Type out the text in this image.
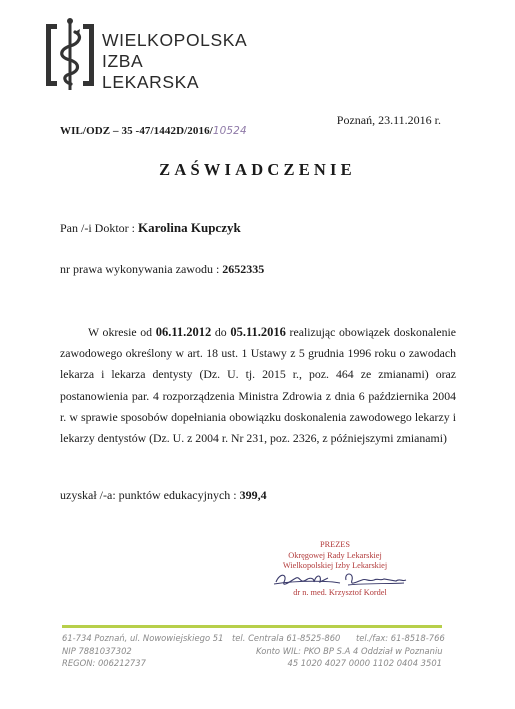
WIELKOPOLSKA
IZBA
LEKARSKA
Poznań, 23.11.2016 r.
WIL/ODZ – 35 -47/1442D/2016/10524
ZAŚWIADCZENIE
Pan /-i Doktor : Karolina Kupczyk
nr prawa wykonywania zawodu : 2652335
W okresie od 06.11.2012 do 05.11.2016 realizując obowiązek doskonalenie zawodowego określony w art. 18 ust. 1 Ustawy z 5 grudnia 1996 roku o zawodach lekarza i lekarza dentysty (Dz. U. tj. 2015 r., poz. 464 ze zmianami) oraz postanowienia par. 4 rozporządzenia Ministra Zdrowia z dnia 6 października 2004 r. w sprawie sposobów dopełniania obowiązku doskonalenia zawodowego lekarzy i lekarzy dentystów (Dz. U. z 2004 r. Nr 231, poz. 2326, z późniejszymi zmianami)
uzyskał /-a: punktów edukacyjnych : 399,4
PREZES
Okręgowej Rady Lekarskiej
Wielkopolskiej Izby Lekarskiej
dr n. med. Krzysztof Kordel
61-734 Poznań, ul. Nowowiejskiego 51
NIP 7881037302
REGON: 006212737
tel. Centrala 61-8525-860 tel./fax: 61-8518-766
Konto WIL: PKO BP S.A 4 Oddział w Poznaniu
45 1020 4027 0000 1102 0404 3501
